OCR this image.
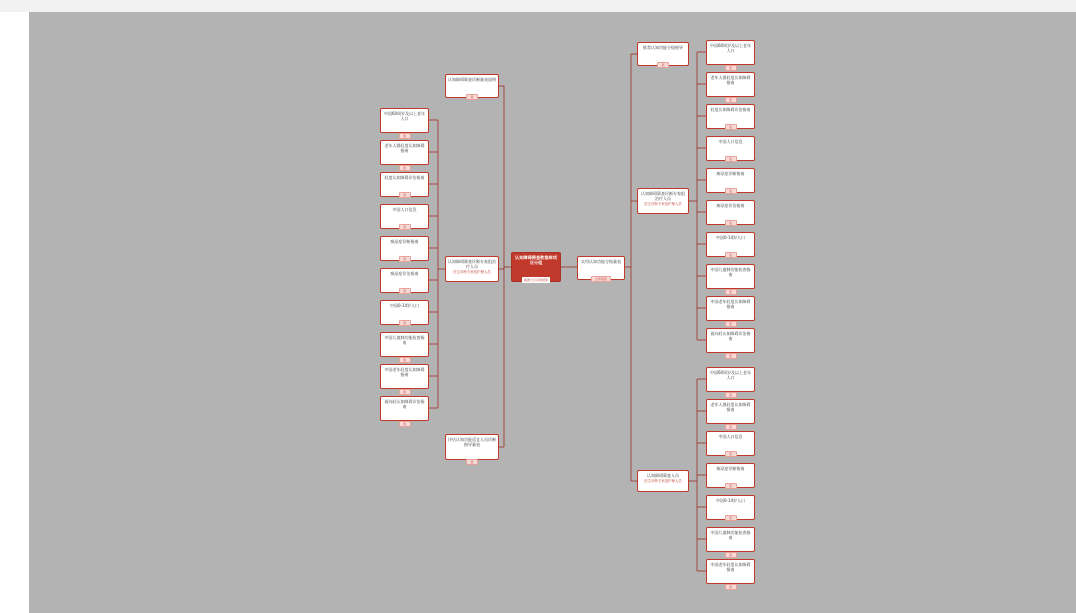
认知障碍筛查数据库项目分组
截图大字识别结果
实用认知功能分级量表
全年龄段
认知障碍筛查诊断量表说明
表
认知障碍筛查诊断专家组治疗人员
医生诊断专家组护理人员
评估认知功能适宜人员诊断指导量表
表
推荐认知功能分级指导
表
认知障碍筛查诊断专家组治疗人员
医生诊断专家组护理人员
认知障碍筛查人员
医生诊断专家组护理人员
中国60周岁及以上老年人口
表
老年人群轻度认知障碍指南
表
轻度认知障碍诊治指南
表
中国人口信息
表
痴呆症诊断指南
表
痴呆症诊治指南
表
中国0-14岁人口
表
中国儿童肺功能检查指南
表
中国老年轻度认知障碍指南
表
面向轻认知障碍诊治指南
表
中国60周岁及以上老年人口
表
老年人群轻度认知障碍指南
表
轻度认知障碍诊治指南
表
中国人口信息
表
痴呆症诊断指南
表
痴呆症诊治指南
表
中国0-14岁人口
表
中国儿童肺功能检查指南
表
中国老年轻度认知障碍指南
表
面向轻认知障碍诊治指南
表
中国60周岁及以上老年人口
表
老年人群轻度认知障碍指南
表
中国人口信息
表
痴呆症诊断指南
表
中国0-14岁人口
表
中国儿童肺功能检查指南
表
中国老年轻度认知障碍指南
表
